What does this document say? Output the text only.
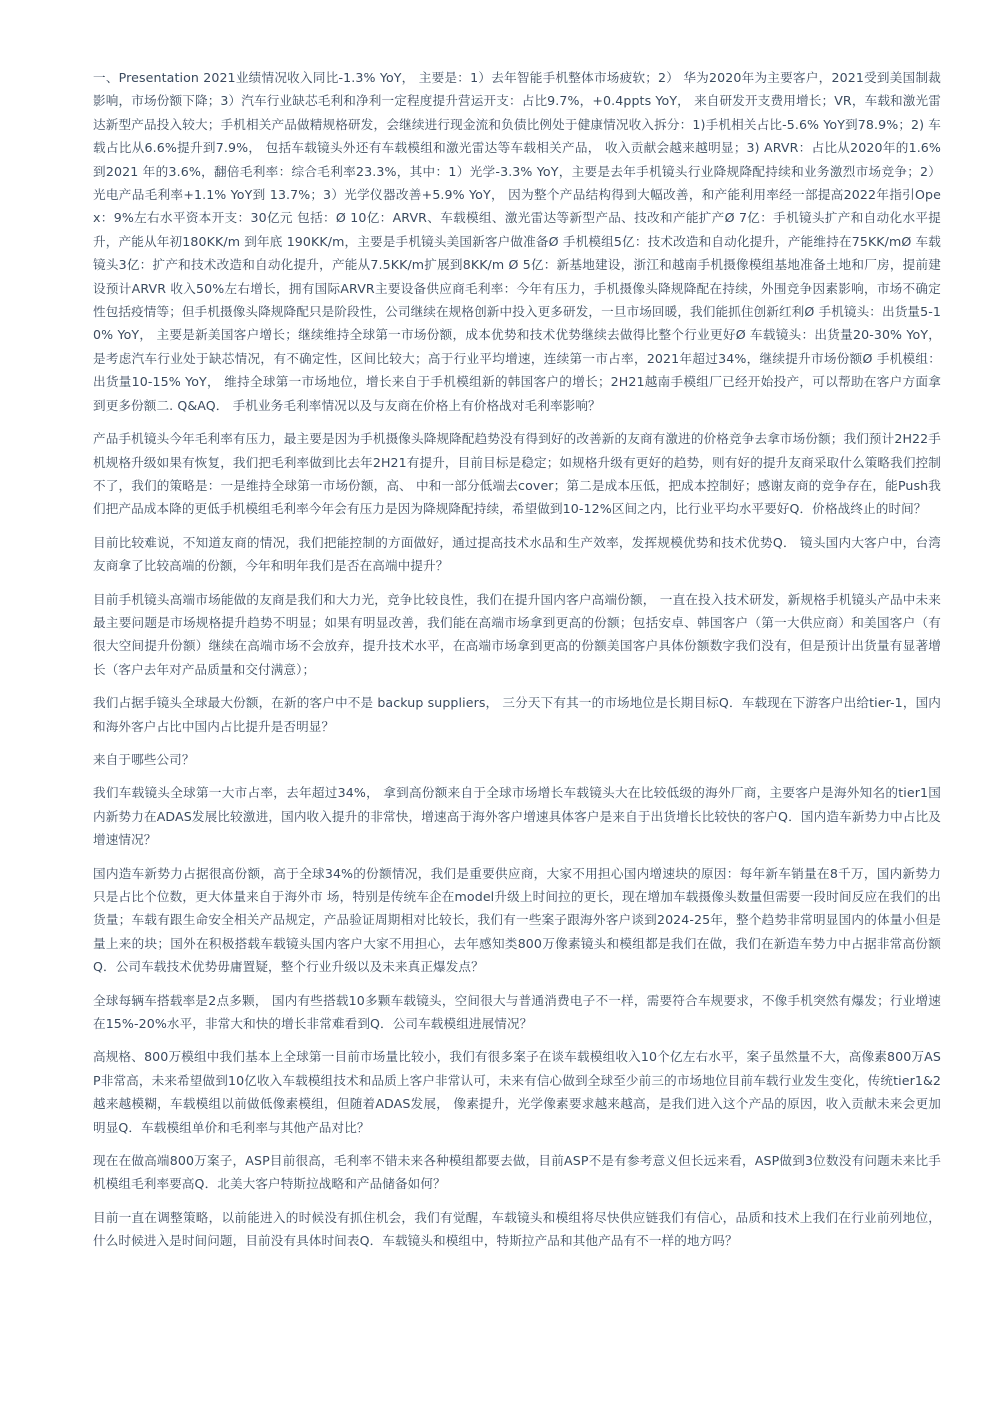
一、Presentation 2021业绩情况收入同比-1.3% YoY， 主要是：1）去年智能手机整体市场疲软；2） 华为2020年为主要客户，2021受到美国制裁影响，市场份额下降；3）汽车行业缺芯毛利和净利一定程度提升营运开支：占比9.7%，+0.4ppts YoY， 来自研发开支费用增长；VR，车载和激光雷达新型产品投入较大；手机相关产品做精规格研发，会继续进行现金流和负债比例处于健康情况收入拆分：1)手机相关占比-5.6% YoY到78.9%；2) 车载占比从6.6%提升到7.9%， 包括车载镜头外还有车载模组和激光雷达等车载相关产品， 收入贡献会越来越明显；3) ARVR：占比从2020年的1.6%到2021 年的3.6%，翻倍毛利率：综合毛利率23.3%，其中：1）光学-3.3% YoY，主要是去年手机镜头行业降规降配持续和业务激烈市场竞争；2）光电产品毛利率+1.1% YoY到 13.7%；3）光学仪器改善+5.9% YoY， 因为整个产品结构得到大幅改善，和产能利用率经一部提高2022年指引Opex：9%左右水平资本开支：30亿元 包括：Ø 10亿：ARVR、车载模组、激光雷达等新型产品、技改和产能扩产Ø 7亿：手机镜头扩产和自动化水平提升，产能从年初180KK/m 到年底 190KK/m，主要是手机镜头美国新客户做准备Ø 手机模组5亿：技术改造和自动化提升，产能维持在75KK/mØ 车载镜头3亿：扩产和技术改造和自动化提升，产能从7.5KK/m扩展到8KK/m Ø 5亿：新基地建设，浙江和越南手机摄像模组基地准备土地和厂房，提前建设预计ARVR 收入50%左右增长，拥有国际ARVR主要设备供应商毛利率：今年有压力，手机摄像头降规降配在持续，外围竞争因素影响，市场不确定性包括疫情等；但手机摄像头降规降配只是阶段性，公司继续在规格创新中投入更多研发，一旦市场回暖，我们能抓住创新红利Ø 手机镜头：出货量5-10% YoY， 主要是新美国客户增长；继续维持全球第一市场份额，成本优势和技术优势继续去做得比整个行业更好Ø 车载镜头：出货量20-30% YoY， 是考虑汽车行业处于缺芯情况，有不确定性，区间比较大；高于行业平均增速，连续第一市占率，2021年超过34%，继续提升市场份额Ø 手机模组：出货量10-15% YoY， 维持全球第一市场地位，增长来自于手机模组新的韩国客户的增长；2H21越南手模组厂已经开始投产，可以帮助在客户方面拿到更多份额二. Q&AQ． 手机业务毛利率情况以及与友商在价格上有价格战对毛利率影响？

产品手机镜头今年毛利率有压力，最主要是因为手机摄像头降规降配趋势没有得到好的改善新的友商有激进的价格竞争去拿市场份额；我们预计2H22手机规格升级如果有恢复，我们把毛利率做到比去年2H21有提升，目前目标是稳定；如规格升级有更好的趋势，则有好的提升友商采取什么策略我们控制不了，我们的策略是：一是维持全球第一市场份额，高、 中和一部分低端去cover；第二是成本压低，把成本控制好；感谢友商的竞争存在，能Push我们把产品成本降的更低手机模组毛利率今年会有压力是因为降规降配持续，希望做到10-12%区间之内，比行业平均水平要好Q．价格战终止的时间？

目前比较难说，不知道友商的情况，我们把能控制的方面做好，通过提高技术水品和生产效率，发挥规模优势和技术优势Q． 镜头国内大客户中，台湾友商拿了比较高端的份额，今年和明年我们是否在高端中提升？

目前手机镜头高端市场能做的友商是我们和大力光，竞争比较良性，我们在提升国内客户高端份额， 一直在投入技术研发，新规格手机镜头产品中未来最主要问题是市场规格提升趋势不明显；如果有明显改善，我们能在高端市场拿到更高的份额；包括安卓、韩国客户（第一大供应商）和美国客户（有很大空间提升份额）继续在高端市场不会放弃，提升技术水平，在高端市场拿到更高的份额美国客户具体份额数字我们没有，但是预计出货量有显著增长（客户去年对产品质量和交付满意）；

我们占据手镜头全球最大份额，在新的客户中不是 backup suppliers， 三分天下有其一的市场地位是长期目标Q．车载现在下游客户出给tier-1，国内和海外客户占比中国内占比提升是否明显？

来自于哪些公司？

我们车载镜头全球第一大市占率，去年超过34%， 拿到高份额来自于全球市场增长车载镜头大在比较低级的海外厂商，主要客户是海外知名的tier1国内新势力在ADAS发展比较激进，国内收入提升的非常快，增速高于海外客户增速具体客户是来自于出货增长比较快的客户Q．国内造车新势力中占比及增速情况？

国内造车新势力占据很高份额，高于全球34%的份额情况，我们是重要供应商，大家不用担心国内增速块的原因：每年新车销量在8千万，国内新势力只是占比个位数，更大体量来自于海外市 场，特别是传统车企在model升级上时间拉的更长，现在增加车载摄像头数量但需要一段时间反应在我们的出货量；车载有跟生命安全相关产品规定，产品验证周期相对比较长，我们有一些案子跟海外客户谈到2024-25年，整个趋势非常明显国内的体量小但是量上来的块；国外在积极搭载车载镜头国内客户大家不用担心，去年感知类800万像素镜头和模组都是我们在做，我们在新造车势力中占据非常高份额Q．公司车载技术优势毋庸置疑，整个行业升级以及未来真正爆发点？

全球每辆车搭载率是2点多颗， 国内有些搭载10多颗车载镜头，空间很大与普通消费电子不一样，需要符合车规要求，不像手机突然有爆发；行业增速在15%-20%水平，非常大和快的增长非常难看到Q．公司车载模组进展情况？

高规格、800万模组中我们基本上全球第一目前市场量比较小，我们有很多案子在谈车载模组收入10个亿左右水平，案子虽然量不大，高像素800万ASP非常高，未来希望做到10亿收入车载模组技术和品质上客户非常认可，未来有信心做到全球至少前三的市场地位目前车载行业发生变化，传统tier1&2越来越模糊，车载模组以前做低像素模组，但随着ADAS发展， 像素提升，光学像素要求越来越高，是我们进入这个产品的原因，收入贡献未来会更加明显Q．车载模组单价和毛利率与其他产品对比？

现在在做高端800万案子，ASP目前很高，毛利率不错未来各种模组都要去做，目前ASP不是有参考意义但长远来看，ASP做到3位数没有问题未来比手机模组毛利率要高Q．北美大客户特斯拉战略和产品储备如何？

目前一直在调整策略，以前能进入的时候没有抓住机会，我们有觉醒，车载镜头和模组将尽快供应链我们有信心，品质和技术上我们在行业前列地位，什么时候进入是时间问题，目前没有具体时间表Q．车载镜头和模组中，特斯拉产品和其他产品有不一样的地方吗？
